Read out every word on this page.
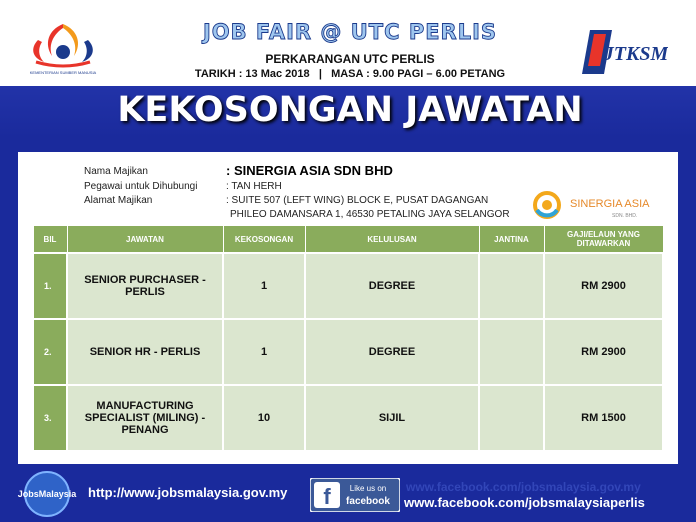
KEMENTERIAN SUMBER MANUSIA
JOB FAIR @ UTC PERLIS
PERKARANGAN UTC PERLIS
TARIKH : 13 Mac 2018   |   MASA : 9.00 PAGI – 6.00 PETANG
JTKSM
KEKOSONGAN JAWATAN
Nama Majikan	: SINERGIA ASIA SDN BHD
Pegawai untuk Dihubungi	: TAN HERH
Alamat Majikan	: SUITE 507 (LEFT WING) BLOCK E, PUSAT DAGANGAN
PHILEO DAMANSARA 1, 46530 PETALING JAYA SELANGOR
SINERGIA ASIA
SDN. BHD.
BIL	JAWATAN	KEKOSONGAN	KELULUSAN	JANTINA	GAJI/ELAUN YANG DITAWARKAN
1.	SENIOR PURCHASER - PERLIS	1	DEGREE		RM 2900
2.	SENIOR HR - PERLIS	1	DEGREE		RM 2900
3.	MANUFACTURING SPECIALIST (MILING) - PENANG	10	SIJIL		RM 1500
JobsMalaysia http://www.jobsmalaysia.gov.my f Like us on
facebook
www.facebook.com/jobsmalaysia.gov.my
www.facebook.com/jobsmalaysiaperlis
